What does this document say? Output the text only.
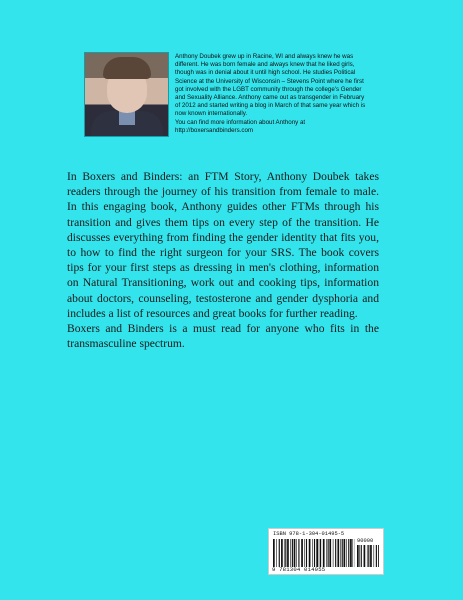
Anthony Doubek grew up in Racine, WI and always knew he was

different. He was born female and always knew that he liked girls,

though was in denial about it until high school. He studies Political

Science at the University of Wisconsin – Stevens Point where he first

got involved with the LGBT community through the college's Gender

and Sexuality Alliance. Anthony came out as transgender in February

of 2012 and started writing a blog in March of that same year which is

now known internationally.

You can find more information about Anthony at

http://boxersandbinders.com

In Boxers and Binders: an FTM Story, Anthony Doubek takes readers through the journey of his transition from female to male. In this engaging book, Anthony guides other FTMs through his transition and gives them tips on every step of the transition. He discusses everything from finding the gender identity that fits you, to how to find the right surgeon for your SRS. The book covers tips for your first steps as dressing in men's clothing, information on Natural Transitioning, work out and cooking tips, information about doctors, counseling, testosterone and gender dysphoria and includes a list of resources and great books for further reading.

Boxers and Binders is a must read for anyone who fits in the transmasculine spectrum.

ISBN 978-1-304-01495-5
90000
9 781304 014955
